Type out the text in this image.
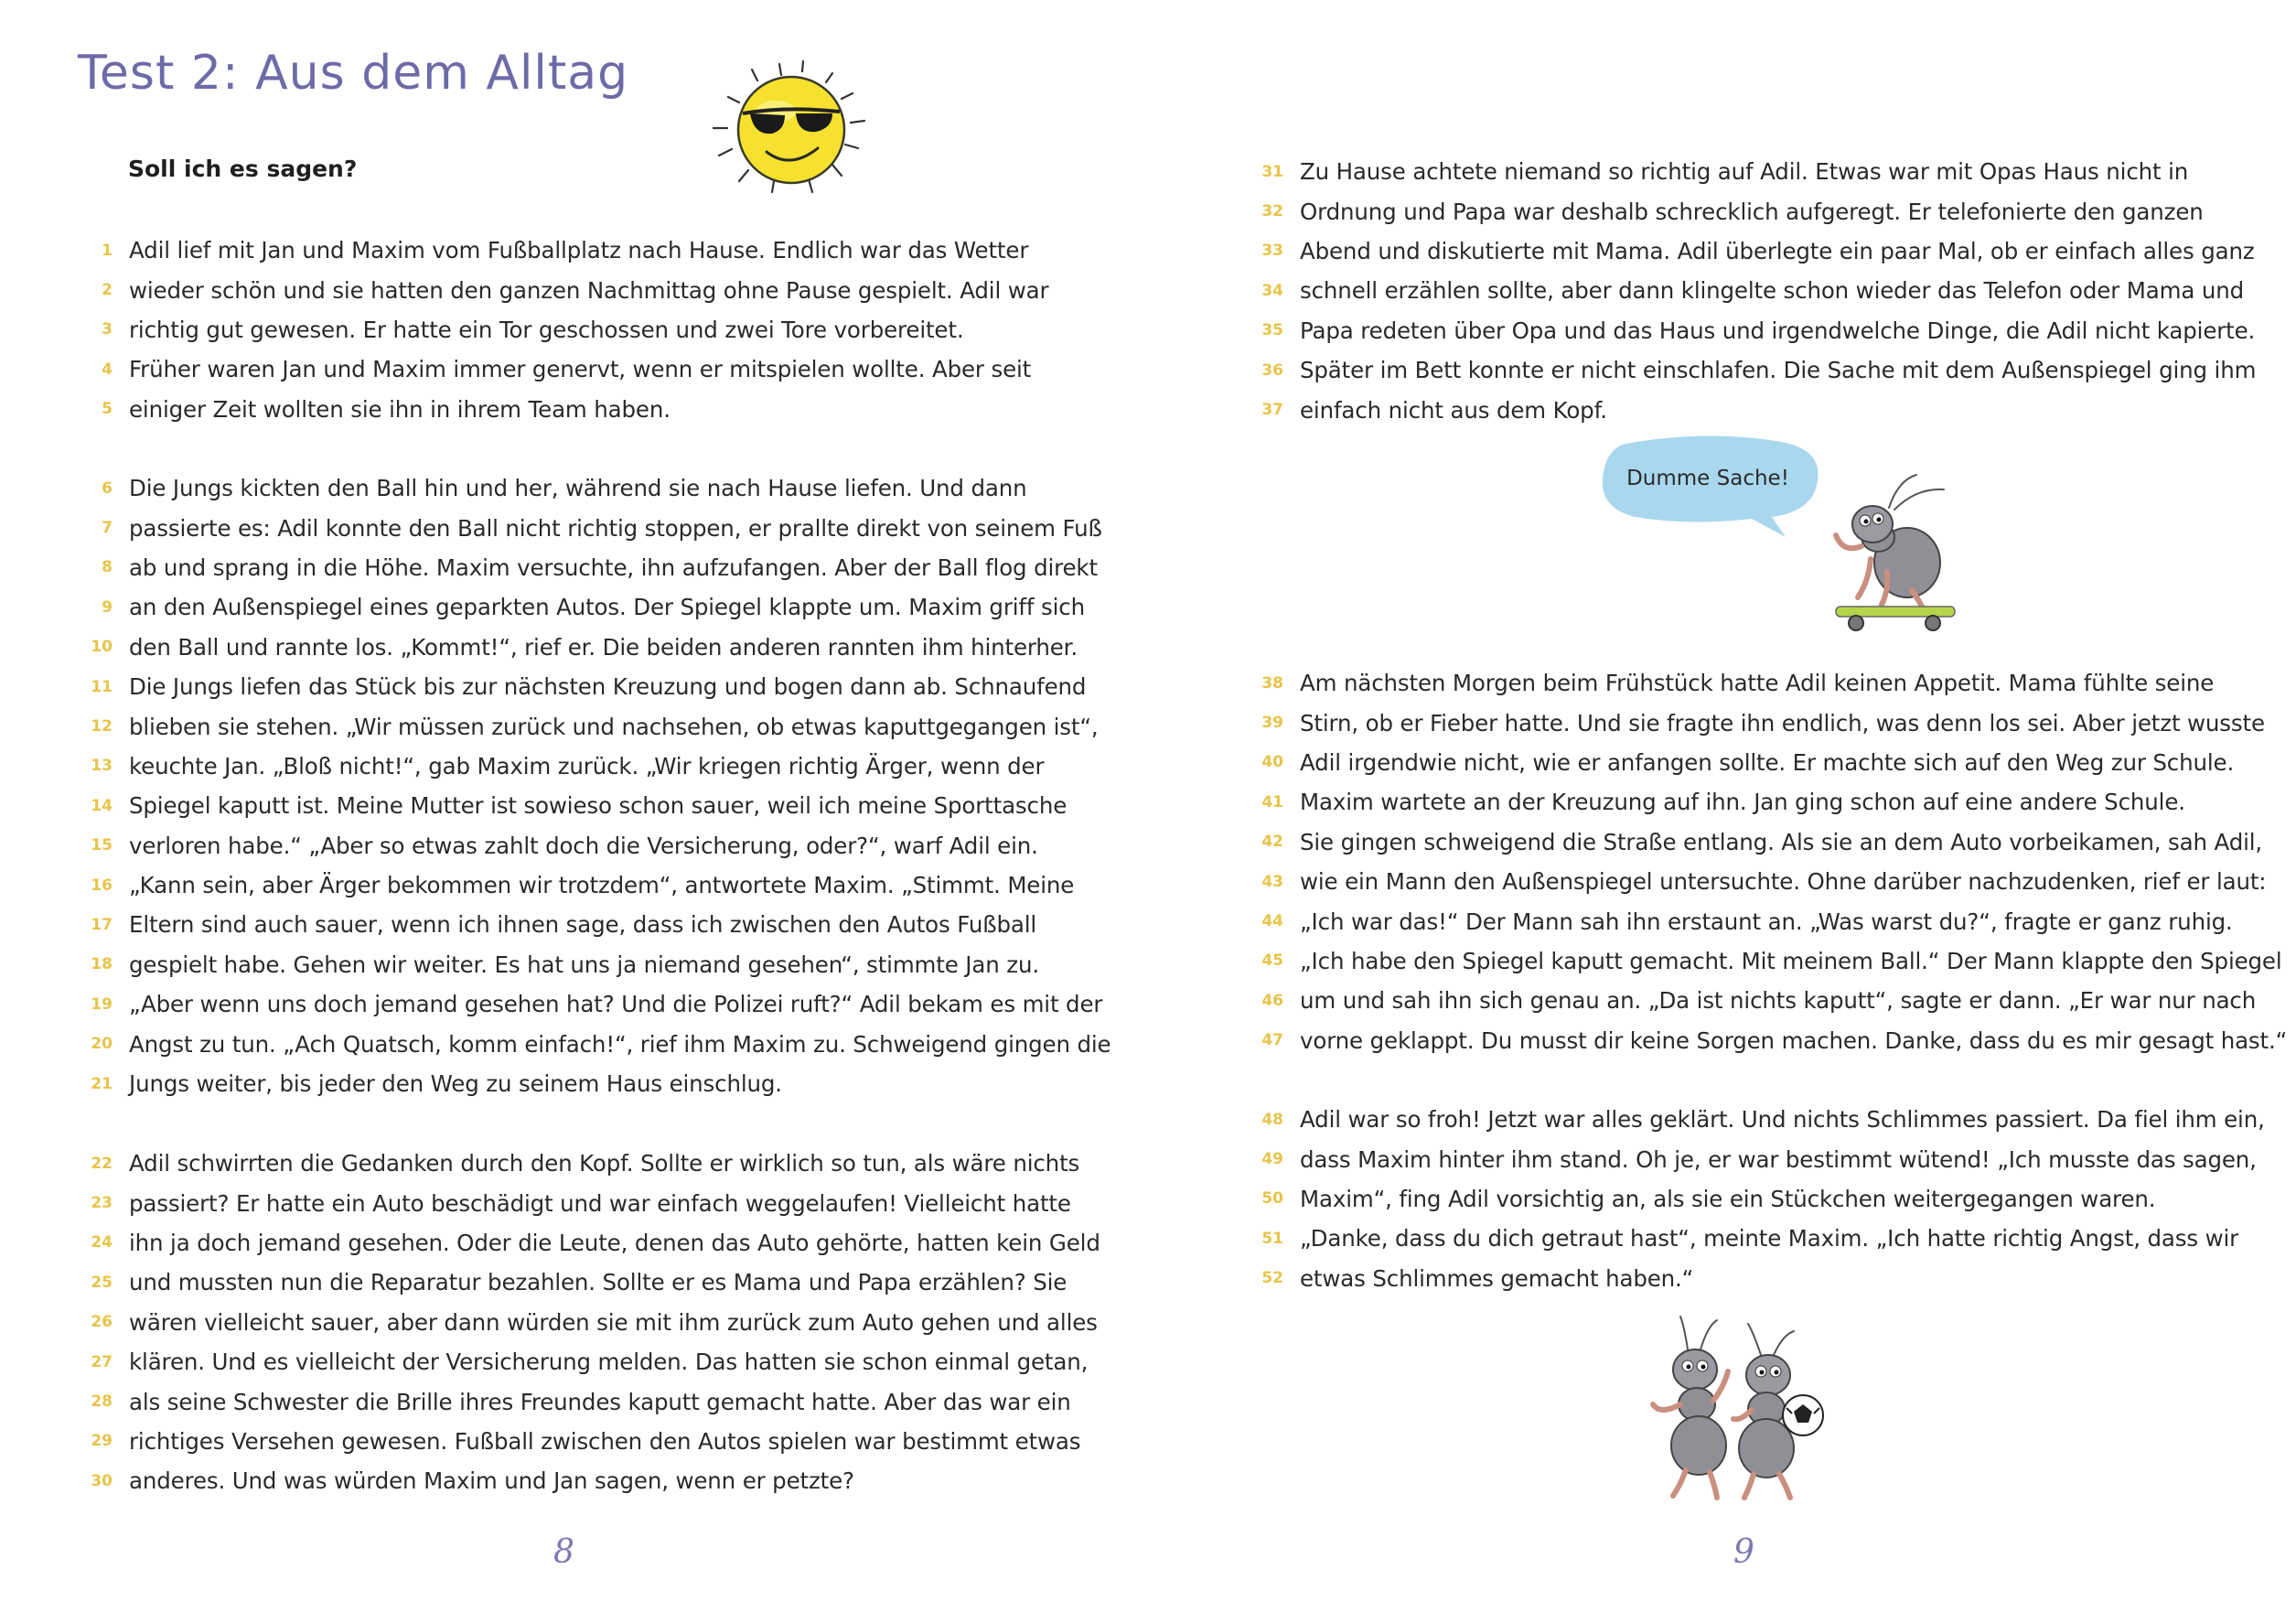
Test 2: Aus dem Alltag
Soll ich es sagen?
1 Adil lief mit Jan und Maxim vom Fußballplatz nach Hause. Endlich war das Wetter
2 wieder schön und sie hatten den ganzen Nachmittag ohne Pause gespielt. Adil war
3 richtig gut gewesen. Er hatte ein Tor geschossen und zwei Tore vorbereitet.
4 Früher waren Jan und Maxim immer genervt, wenn er mitspielen wollte. Aber seit
5 einiger Zeit wollten sie ihn in ihrem Team haben.
6 Die Jungs kickten den Ball hin und her, während sie nach Hause liefen. Und dann
7 passierte es: Adil konnte den Ball nicht richtig stoppen, er prallte direkt von seinem Fuß
8 ab und sprang in die Höhe. Maxim versuchte, ihn aufzufangen. Aber der Ball flog direkt
9 an den Außenspiegel eines geparkten Autos. Der Spiegel klappte um. Maxim griff sich
10 den Ball und rannte los. „Kommt!“, rief er. Die beiden anderen rannten ihm hinterher.
11 Die Jungs liefen das Stück bis zur nächsten Kreuzung und bogen dann ab. Schnaufend
12 blieben sie stehen. „Wir müssen zurück und nachsehen, ob etwas kaputtgegangen ist“,
13 keuchte Jan. „Bloß nicht!“, gab Maxim zurück. „Wir kriegen richtig Ärger, wenn der
14 Spiegel kaputt ist. Meine Mutter ist sowieso schon sauer, weil ich meine Sporttasche
15 verloren habe.“ „Aber so etwas zahlt doch die Versicherung, oder?“, warf Adil ein.
16 „Kann sein, aber Ärger bekommen wir trotzdem“, antwortete Maxim. „Stimmt. Meine
17 Eltern sind auch sauer, wenn ich ihnen sage, dass ich zwischen den Autos Fußball
18 gespielt habe. Gehen wir weiter. Es hat uns ja niemand gesehen“, stimmte Jan zu.
19 „Aber wenn uns doch jemand gesehen hat? Und die Polizei ruft?“ Adil bekam es mit der
20 Angst zu tun. „Ach Quatsch, komm einfach!“, rief ihm Maxim zu. Schweigend gingen die
21 Jungs weiter, bis jeder den Weg zu seinem Haus einschlug.
22 Adil schwirrten die Gedanken durch den Kopf. Sollte er wirklich so tun, als wäre nichts
23 passiert? Er hatte ein Auto beschädigt und war einfach weggelaufen! Vielleicht hatte
24 ihn ja doch jemand gesehen. Oder die Leute, denen das Auto gehörte, hatten kein Geld
25 und mussten nun die Reparatur bezahlen. Sollte er es Mama und Papa erzählen? Sie
26 wären vielleicht sauer, aber dann würden sie mit ihm zurück zum Auto gehen und alles
27 klären. Und es vielleicht der Versicherung melden. Das hatten sie schon einmal getan,
28 als seine Schwester die Brille ihres Freundes kaputt gemacht hatte. Aber das war ein
29 richtiges Versehen gewesen. Fußball zwischen den Autos spielen war bestimmt etwas
30 anderes. Und was würden Maxim und Jan sagen, wenn er petzte?

8

31 Zu Hause achtete niemand so richtig auf Adil. Etwas war mit Opas Haus nicht in
32 Ordnung und Papa war deshalb schrecklich aufgeregt. Er telefonierte den ganzen
33 Abend und diskutierte mit Mama. Adil überlegte ein paar Mal, ob er einfach alles ganz
34 schnell erzählen sollte, aber dann klingelte schon wieder das Telefon oder Mama und
35 Papa redeten über Opa und das Haus und irgendwelche Dinge, die Adil nicht kapierte.
36 Später im Bett konnte er nicht einschlafen. Die Sache mit dem Außenspiegel ging ihm
37 einfach nicht aus dem Kopf.
Dumme Sache!
38 Am nächsten Morgen beim Frühstück hatte Adil keinen Appetit. Mama fühlte seine
39 Stirn, ob er Fieber hatte. Und sie fragte ihn endlich, was denn los sei. Aber jetzt wusste
40 Adil irgendwie nicht, wie er anfangen sollte. Er machte sich auf den Weg zur Schule.
41 Maxim wartete an der Kreuzung auf ihn. Jan ging schon auf eine andere Schule.
42 Sie gingen schweigend die Straße entlang. Als sie an dem Auto vorbeikamen, sah Adil,
43 wie ein Mann den Außenspiegel untersuchte. Ohne darüber nachzudenken, rief er laut:
44 „Ich war das!“ Der Mann sah ihn erstaunt an. „Was warst du?“, fragte er ganz ruhig.
45 „Ich habe den Spiegel kaputt gemacht. Mit meinem Ball.“ Der Mann klappte den Spiegel
46 um und sah ihn sich genau an. „Da ist nichts kaputt“, sagte er dann. „Er war nur nach
47 vorne geklappt. Du musst dir keine Sorgen machen. Danke, dass du es mir gesagt hast.“
48 Adil war so froh! Jetzt war alles geklärt. Und nichts Schlimmes passiert. Da fiel ihm ein,
49 dass Maxim hinter ihm stand. Oh je, er war bestimmt wütend! „Ich musste das sagen,
50 Maxim“, fing Adil vorsichtig an, als sie ein Stückchen weitergegangen waren.
51 „Danke, dass du dich getraut hast“, meinte Maxim. „Ich hatte richtig Angst, dass wir
52 etwas Schlimmes gemacht haben.“

9
